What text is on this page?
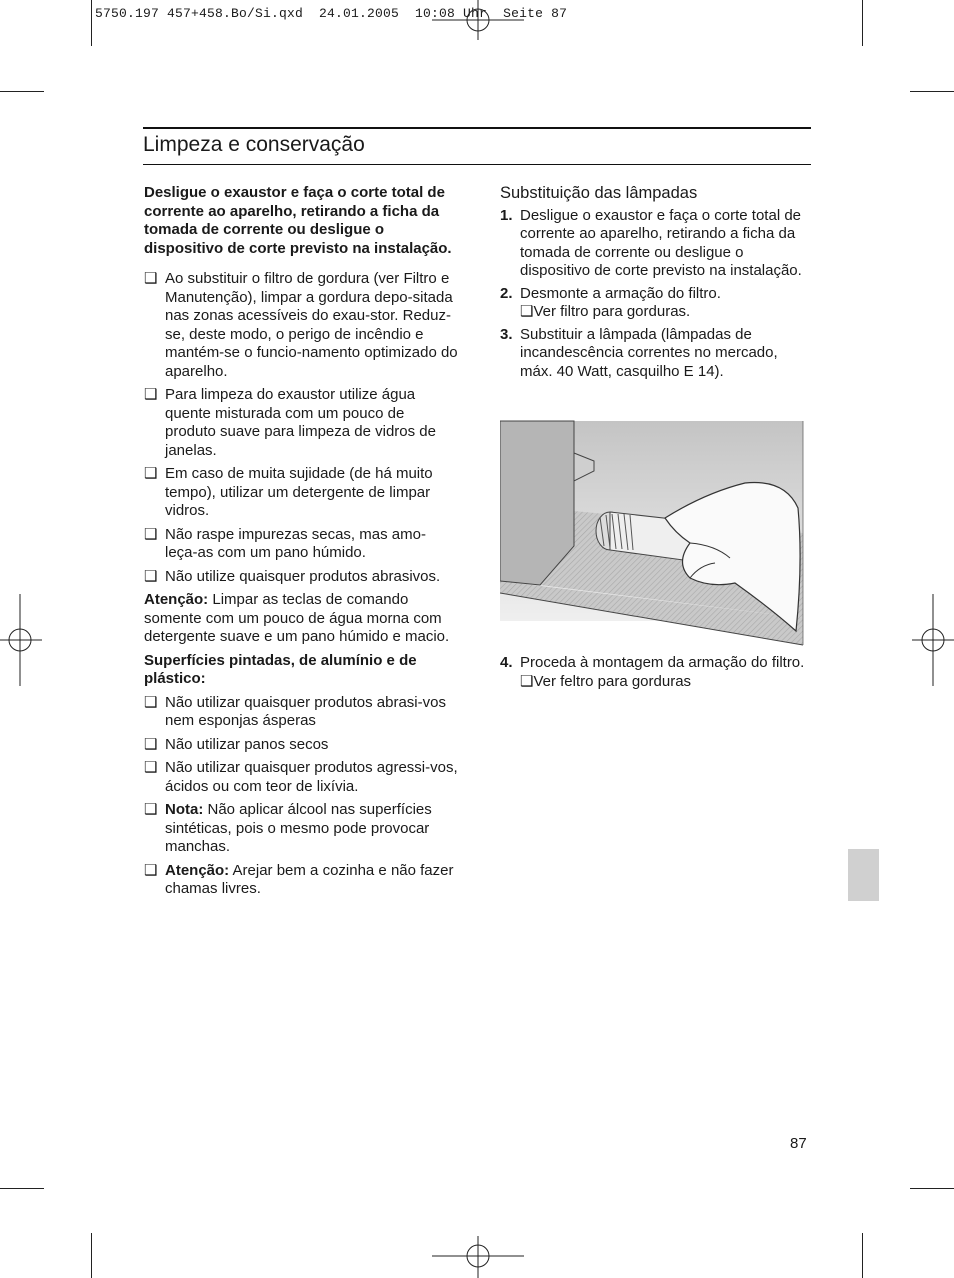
5750.197 457+458.Bo/Si.qxd  24.01.2005  10:08 Uhr  Seite 87
Limpeza e conservação

Desligue o exaustor e faça o corte total de corrente ao aparelho, retirando a ficha da tomada de corrente ou desligue o dispositivo de corte previsto na instalação.

❑ Ao substituir o filtro de gordura (ver Filtro e Manutenção), limpar a gordura depo-sitada nas zonas acessíveis do exau-stor. Reduz-se, deste modo, o perigo de incêndio e mantém-se o funcio-namento optimizado do aparelho.
❑ Para limpeza do exaustor utilize água quente misturada com um pouco de produto suave para limpeza de vidros de janelas.
❑ Em caso de muita sujidade (de há muito tempo), utilizar um detergente de limpar vidros.
❑ Não raspe impurezas secas, mas amo-leça-as com um pano húmido.
❑ Não utilize quaisquer produtos abrasivos.

Atenção: Limpar as teclas de comando somente com um pouco de água morna com detergente suave e um pano húmido e macio.

Superfícies pintadas, de alumínio e de plástico:

❑ Não utilizar quaisquer produtos abrasi-vos nem esponjas ásperas
❑ Não utilizar panos secos
❑ Não utilizar quaisquer produtos agressi-vos, ácidos ou com teor de lixívia.
❑ Nota: Não aplicar álcool nas superfícies sintéticas, pois o mesmo pode provocar manchas.
❑ Atenção: Arejar bem a cozinha e não fazer chamas livres.
Substituição das lâmpadas
1. Desligue o exaustor e faça o corte total de corrente ao aparelho, retirando a ficha da tomada de corrente ou desligue o dispositivo de corte previsto na instalação.
2. Desmonte a armação do filtro.
❑Ver filtro para gorduras.
3. Substituir a lâmpada (lâmpadas de incandescência correntes no mercado, máx. 40 Watt, casquilho E 14).
4. Proceda à montagem da armação do filtro.
❑Ver feltro para gorduras
87
